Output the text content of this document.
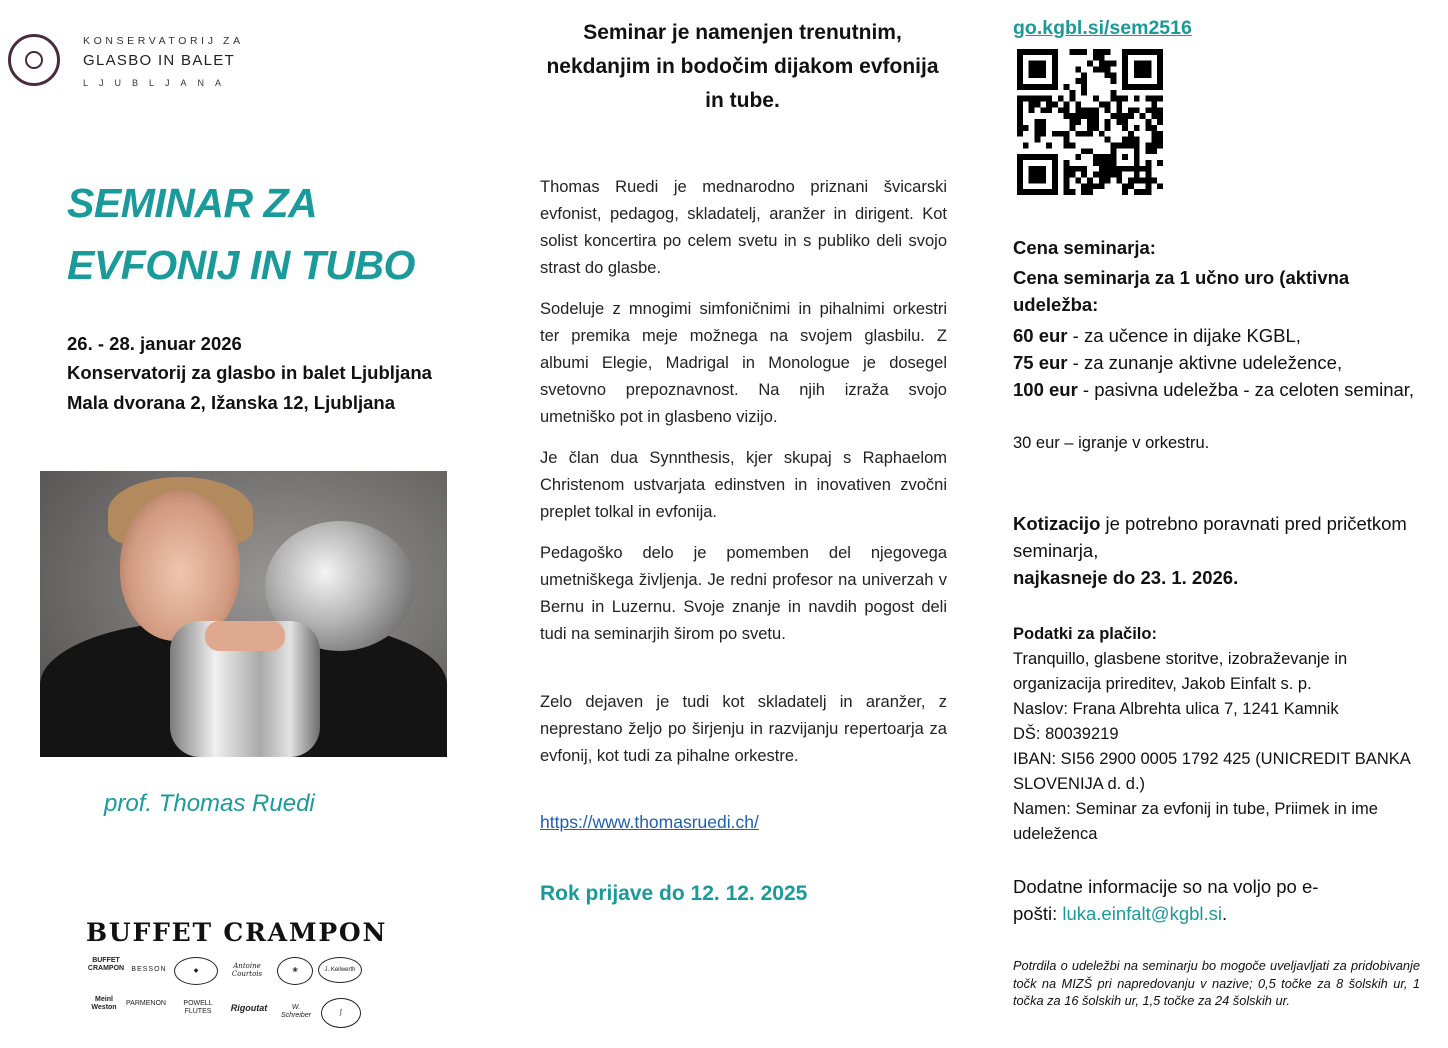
KONSERVATORIJ ZA
GLASBO IN BALET
LJUBLJANA
SEMINAR ZA
EVFONIJ IN TUBO
26. - 28. januar 2026
Konservatorij za glasbo in balet Ljubljana
Mala dvorana 2, Ižanska 12, Ljubljana
prof. Thomas Ruedi
BUFFET CRAMPON
BUFFET CRAMPON BESSON	◆
Antoine Courtois	❀	J. Keilwerth
Meinl Weston
PARMENON	POWELL FLUTES	Rigoutat	W. Schreiber	∫
Seminar je namenjen trenutnim, nekdanjim in bodočim dijakom evfonija in tube.
Thomas Ruedi je mednarodno priznani švicarski evfonist, pedagog, skladatelj, aranžer in dirigent. Kot solist koncertira po celem svetu in s publiko deli svojo strast do glasbe.
Sodeluje z mnogimi simfoničnimi in pihalnimi orkestri ter premika meje možnega na svojem glasbilu. Z albumi Elegie, Madrigal in Monologue je dosegel svetovno prepoznavnost. Na njih izraža svojo umetniško pot in glasbeno vizijo.
Je član dua Synnthesis, kjer skupaj s Raphaelom Christenom ustvarjata edinstven in inovativen zvočni preplet tolkal in evfonija.
Pedagoško delo je pomemben del njegovega umetniškega življenja. Je redni profesor na univerzah v Bernu in Luzernu. Svoje znanje in navdih pogost deli tudi na seminarjih širom po svetu.
Zelo dejaven je tudi kot skladatelj in aranžer, z neprestano željo po širjenju in razvijanju repertoarja za evfonij, kot tudi za pihalne orkestre.
https://www.thomasruedi.ch/
Rok prijave do 12. 12. 2025
go.kgbl.si/sem2516
Cena seminarja:
Cena seminarja za 1 učno uro (aktivna udeležba:
60 eur - za učence in dijake KGBL,
75 eur - za zunanje aktivne udeležence,
100 eur - pasivna udeležba - za celoten seminar,
30 eur – igranje v orkestru.
Kotizacijo je potrebno poravnati pred pričetkom seminarja,
najkasneje do 23. 1. 2026.
Podatki za plačilo:
Tranquillo, glasbene storitve, izobraževanje in organizacija prireditev, Jakob Einfalt s. p.
Naslov: Frana Albrehta ulica 7, 1241 Kamnik
DŠ: 80039219
IBAN: SI56 2900 0005 1792 425 (UNICREDIT BANKA SLOVENIJA d. d.)
Namen: Seminar za evfonij in tube, Priimek in ime udeleženca
Dodatne informacije so na voljo po e-pošti: luka.einfalt@kgbl.si.
Potrdila o udeležbi na seminarju bo mogoče uveljavljati za pridobivanje točk na MIZŠ pri napredovanju v nazive; 0,5 točke za 8 šolskih ur, 1 točka za 16 šolskih ur, 1,5 točke za 24 šolskih ur.
